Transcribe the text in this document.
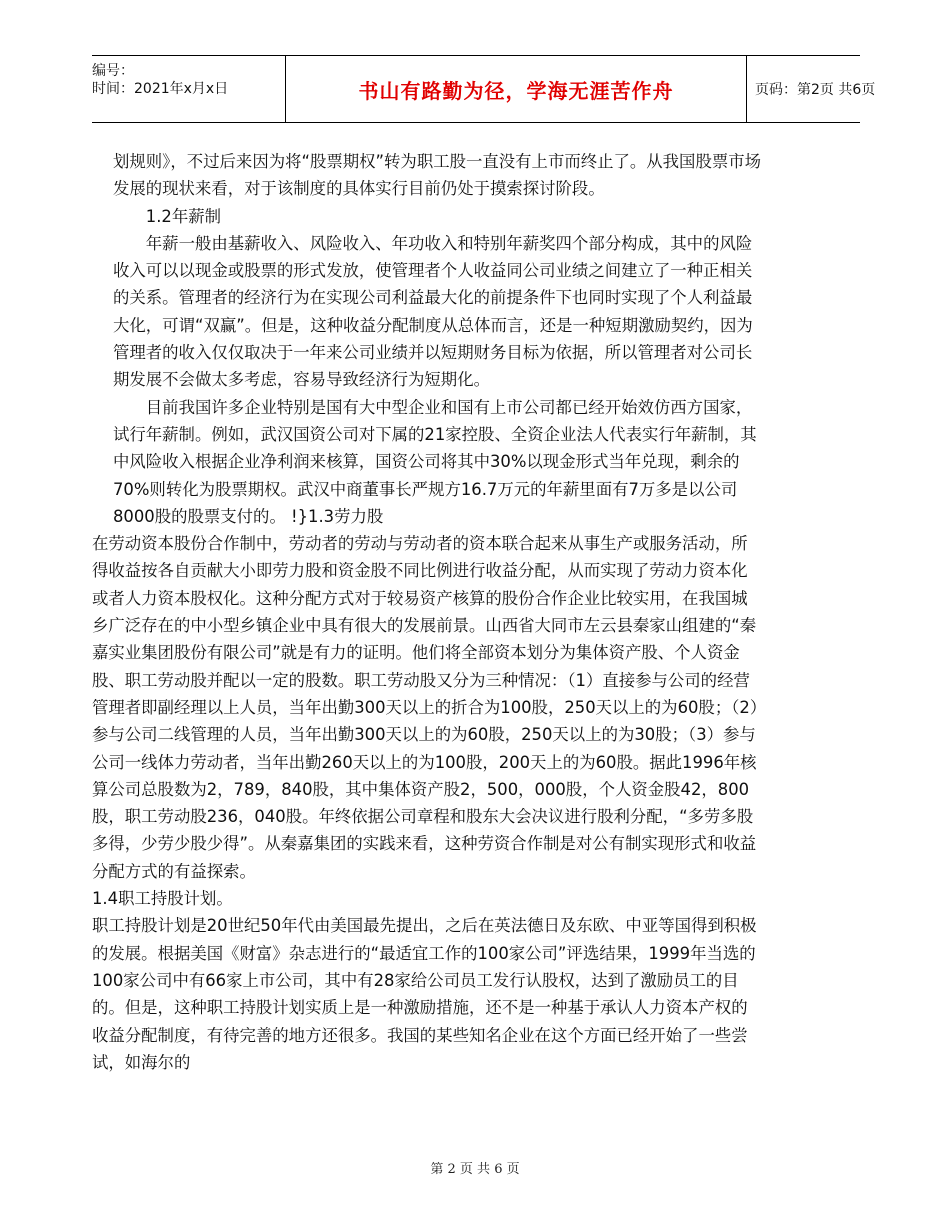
编号：
时间：2021年x月x日	书山有路勤为径，学海无涯苦作舟	页码：第2页 共6页

划规则》，不过后来因为将“股票期权”转为职工股一直没有上市而终止了。从我国股票市场发展的现状来看，对于该制度的具体实行目前仍处于摸索探讨阶段。

1.2年薪制

年薪一般由基薪收入、风险收入、年功收入和特别年薪奖四个部分构成，其中的风险收入可以以现金或股票的形式发放，使管理者个人收益同公司业绩之间建立了一种正相关的关系。管理者的经济行为在实现公司利益最大化的前提条件下也同时实现了个人利益最大化，可谓“双赢”。但是，这种收益分配制度从总体而言，还是一种短期激励契约，因为管理者的收入仅仅取决于一年来公司业绩并以短期财务目标为依据，所以管理者对公司长期发展不会做太多考虑，容易导致经济行为短期化。

目前我国许多企业特别是国有大中型企业和国有上市公司都已经开始效仿西方国家，试行年薪制。例如，武汉国资公司对下属的21家控股、全资企业法人代表实行年薪制，其中风险收入根据企业净利润来核算，国资公司将其中30%以现金形式当年兑现，剩余的70%则转化为股票期权。武汉中商董事长严规方16.7万元的年薪里面有7万多是以公司8000股的股票支付的。 !}1.3劳力股

在劳动资本股份合作制中，劳动者的劳动与劳动者的资本联合起来从事生产或服务活动，所得收益按各自贡献大小即劳力股和资金股不同比例进行收益分配，从而实现了劳动力资本化或者人力资本股权化。这种分配方式对于较易资产核算的股份合作企业比较实用，在我国城乡广泛存在的中小型乡镇企业中具有很大的发展前景。山西省大同市左云县秦家山组建的“秦嘉实业集团股份有限公司”就是有力的证明。他们将全部资本划分为集体资产股、个人资金股、职工劳动股并配以一定的股数。职工劳动股又分为三种情况：（1）直接参与公司的经营管理者即副经理以上人员，当年出勤300天以上的折合为100股，250天以上的为60股；（2）参与公司二线管理的人员，当年出勤300天以上的为60股，250天以上的为30股；（3）参与公司一线体力劳动者，当年出勤260天以上的为100股，200天上的为60股。据此1996年核算公司总股数为2，789，840股，其中集体资产股2，500，000股，个人资金股42，800股，职工劳动股236，040股。年终依据公司章程和股东大会决议进行股利分配，“多劳多股多得，少劳少股少得”。从秦嘉集团的实践来看，这种劳资合作制是对公有制实现形式和收益分配方式的有益探索。

1.4职工持股计划。

职工持股计划是20世纪50年代由美国最先提出，之后在英法德日及东欧、中亚等国得到积极的发展。根据美国《财富》杂志进行的“最适宜工作的100家公司”评选结果，1999年当选的100家公司中有66家上市公司，其中有28家给公司员工发行认股权，达到了激励员工的目的。但是，这种职工持股计划实质上是一种激励措施，还不是一种基于承认人力资本产权的收益分配制度，有待完善的地方还很多。我国的某些知名企业在这个方面已经开始了一些尝试，如海尔的

第 2 页 共 6 页
